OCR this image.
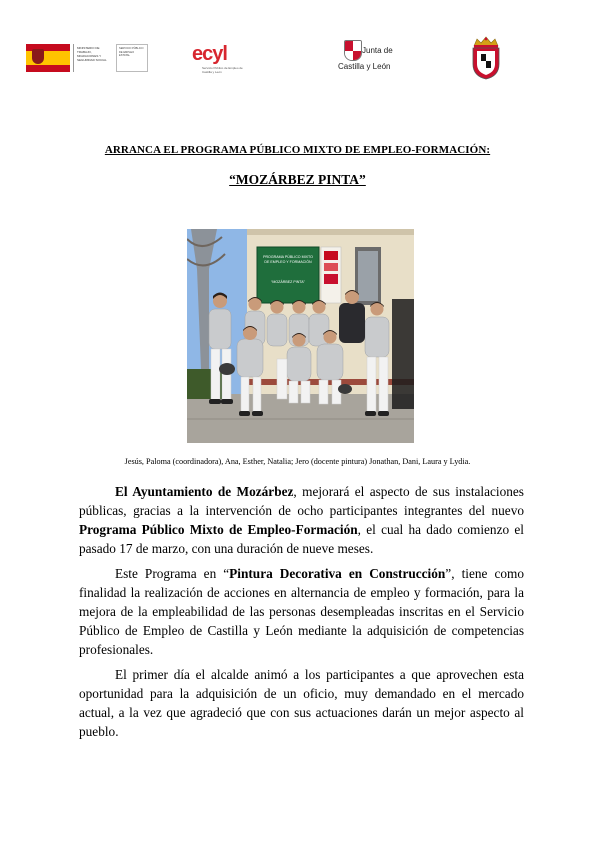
MINISTERIO DE TRABAJO, MIGRACIONES Y SEGURIDAD SOCIAL
SERVICIO PÚBLICO DE EMPLEO ESTATAL	ecyl
Servicio Público de Empleo de Castilla y León
Junta de
Castilla y León
ARRANCA EL PROGRAMA PÚBLICO MIXTO DE EMPLEO-FORMACIÓN:
“MOZÁRBEZ PINTA”
PROGRAMA PÚBLICO MIXTO
DE EMPLEO Y FORMACIÓN
“MOZÁRBEZ PINTA”
Jesús, Paloma (coordinadora), Ana, Esther, Natalia; Jero (docente pintura) Jonathan, Dani, Laura y Lydia.
El Ayuntamiento de Mozárbez, mejorará el aspecto de sus instalaciones públicas, gracias a la intervención de ocho participantes integrantes del nuevo Programa Público Mixto de Empleo-Formación, el cual ha dado comienzo el pasado 17 de marzo, con una duración de nueve meses.
Este Programa en “Pintura Decorativa en Construcción”, tiene como finalidad la realización de acciones en alternancia de empleo y formación, para la mejora de la empleabilidad de las personas desempleadas inscritas en el Servicio Público de Empleo de Castilla y León mediante la adquisición de competencias profesionales.
El primer día el alcalde animó a los participantes a que aprovechen esta oportunidad para la adquisición de un oficio, muy demandado en el mercado actual, a la vez que agradeció que con sus actuaciones darán un mejor aspecto al pueblo.
